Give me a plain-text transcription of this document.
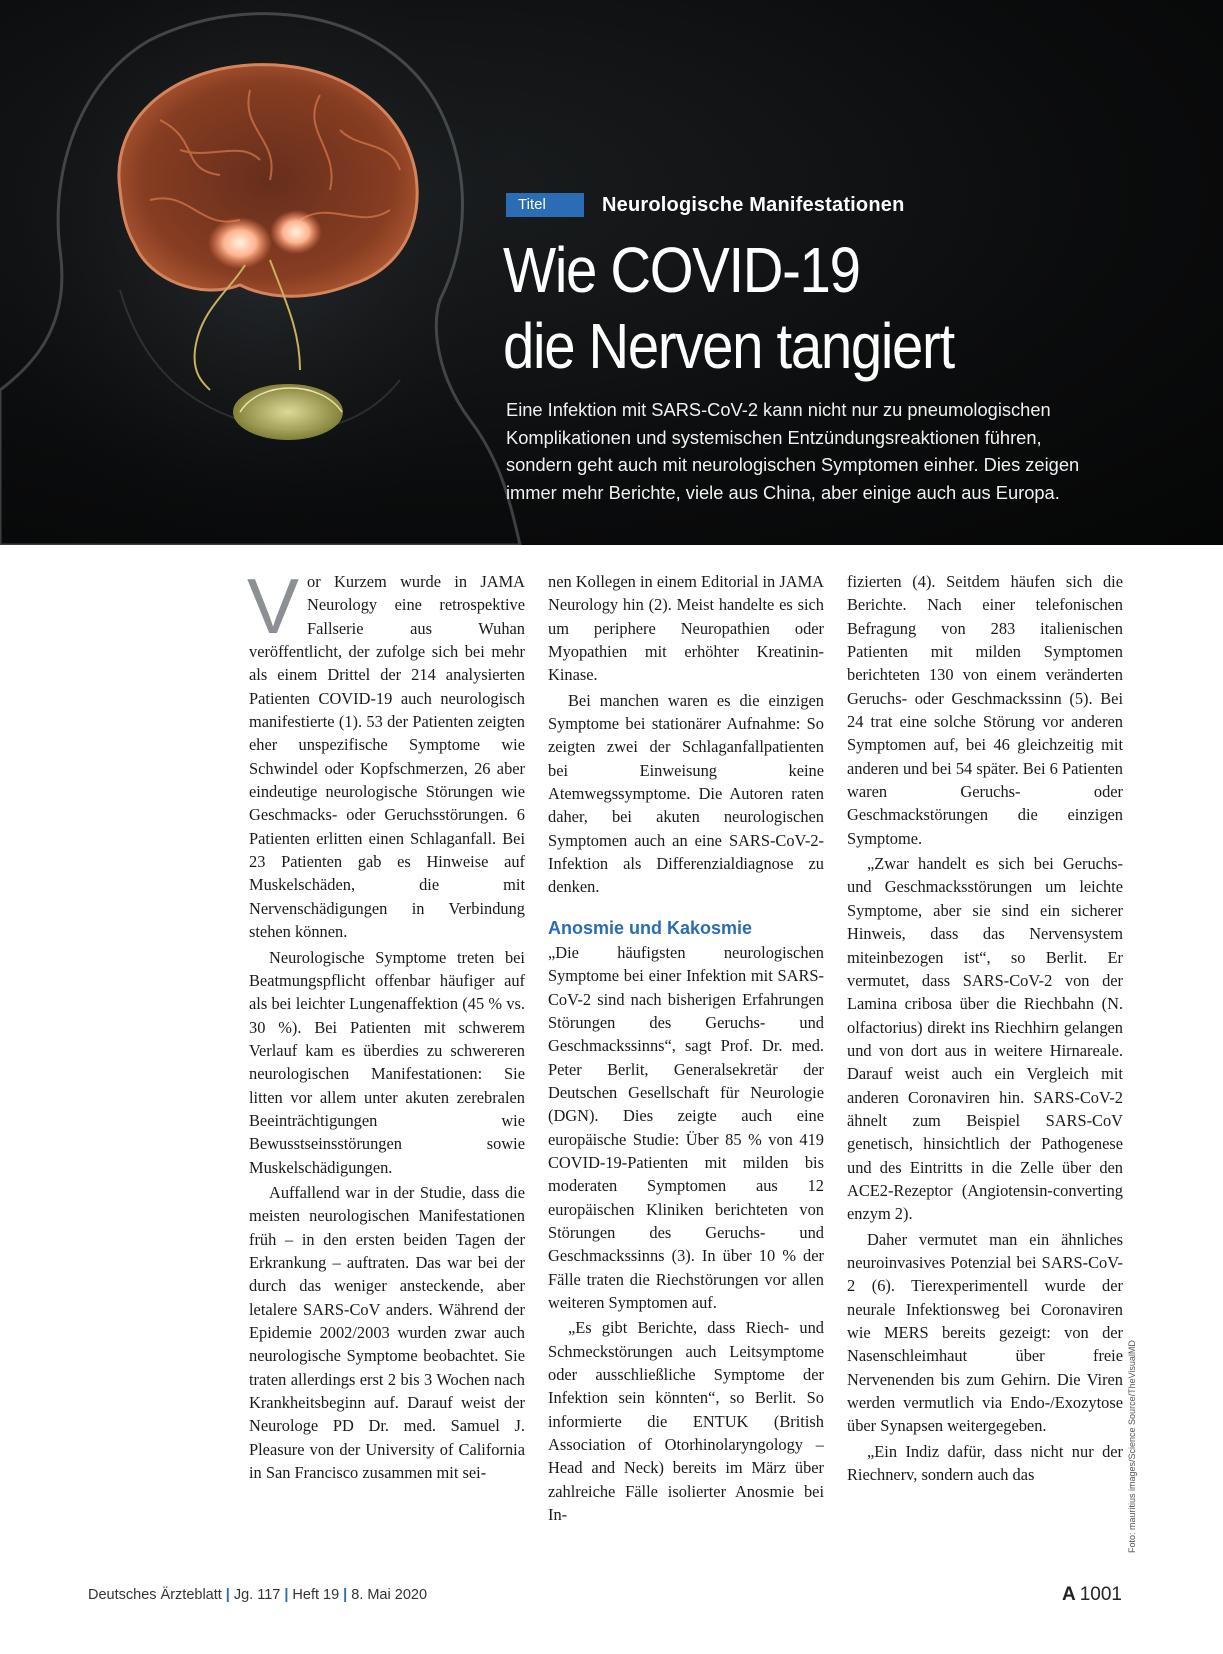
Titel	Neurologische Manifestationen
Wie COVID-19
die Nerven tangiert
Eine Infektion mit SARS-CoV-2 kann nicht nur zu pneumologischen
Komplikationen und systemischen Entzündungsreaktionen führen,
sondern geht auch mit neurologischen Symptomen einher. Dies zeigen
immer mehr Berichte, viele aus China, aber einige auch aus Europa.
V or Kurzem wurde in JAMA Neurology eine retrospektive Fallserie aus Wuhan veröffentlicht, der zufolge sich bei mehr als einem Drittel der 214 analysierten Patienten COVID-19 auch neurologisch manifestierte (1). 53 der Patienten zeigten eher unspezifische Symptome wie Schwindel oder Kopfschmerzen, 26 aber eindeutige neurologische Störungen wie Geschmacks- oder Geruchsstörungen. 6 Patienten erlitten einen Schlaganfall. Bei 23 Patienten gab es Hinweise auf Muskelschäden, die mit Nervenschädigungen in Verbindung stehen können.

Neurologische Symptome treten bei Beatmungspflicht offenbar häufiger auf als bei leichter Lungenaffektion (45 % vs. 30 %). Bei Patienten mit schwerem Verlauf kam es überdies zu schwereren neurologischen Manifestationen: Sie litten vor allem unter akuten zerebralen Beeinträchtigungen wie Bewusstseinsstörungen sowie Muskelschädigungen.

Auffallend war in der Studie, dass die meisten neurologischen Manifestationen früh – in den ersten beiden Tagen der Erkrankung – auftraten. Das war bei der durch das weniger ansteckende, aber letalere SARS-CoV anders. Während der Epidemie 2002/2003 wurden zwar auch neurologische Symptome beobachtet. Sie traten allerdings erst 2 bis 3 Wochen nach Krankheitsbeginn auf. Darauf weist der Neurologe PD Dr. med. Samuel J. Pleasure von der University of California in San Francisco zusammen mit sei-

nen Kollegen in einem Editorial in JAMA Neurology hin (2). Meist handelte es sich um periphere Neuropathien oder Myopathien mit erhöhter Kreatinin-Kinase.

Bei manchen waren es die einzigen Symptome bei stationärer Aufnahme: So zeigten zwei der Schlaganfallpatienten bei Einweisung keine Atemwegssymptome. Die Autoren raten daher, bei akuten neurologischen Symptomen auch an eine SARS-CoV-2-Infektion als Differenzialdiagnose zu denken.

Anosmie und Kakosmie

„Die häufigsten neurologischen Symptome bei einer Infektion mit SARS-CoV-2 sind nach bisherigen Erfahrungen Störungen des Geruchs- und Geschmackssinns“, sagt Prof. Dr. med. Peter Berlit, Generalsekretär der Deutschen Gesellschaft für Neurologie (DGN). Dies zeigte auch eine europäische Studie: Über 85 % von 419 COVID-19-Patienten mit milden bis moderaten Symptomen aus 12 europäischen Kliniken berichteten von Störungen des Geruchs- und Geschmackssinns (3). In über 10 % der Fälle traten die Riechstörungen vor allen weiteren Symptomen auf.

„Es gibt Berichte, dass Riech- und Schmeckstörungen auch Leitsymptome oder ausschließliche Symptome der Infektion sein könnten“, so Berlit. So informierte die ENTUK (British Association of Otorhinolaryngology – Head and Neck) bereits im März über zahlreiche Fälle isolierter Anosmie bei In-

fizierten (4). Seitdem häufen sich die Berichte. Nach einer telefonischen Befragung von 283 italienischen Patienten mit milden Symptomen berichteten 130 von einem veränderten Geruchs- oder Geschmackssinn (5). Bei 24 trat eine solche Störung vor anderen Symptomen auf, bei 46 gleichzeitig mit anderen und bei 54 später. Bei 6 Patienten waren Geruchs- oder Geschmackstörungen die einzigen Symptome.

„Zwar handelt es sich bei Geruchs- und Geschmacksstörungen um leichte Symptome, aber sie sind ein sicherer Hinweis, dass das Nervensystem miteinbezogen ist“, so Berlit. Er vermutet, dass SARS-CoV-2 von der Lamina cribosa über die Riechbahn (N. olfactorius) direkt ins Riechhirn gelangen und von dort aus in weitere Hirnareale. Darauf weist auch ein Vergleich mit anderen Coronaviren hin. SARS-CoV-2 ähnelt zum Beispiel SARS-CoV genetisch, hinsichtlich der Pathogenese und des Eintritts in die Zelle über den ACE2-Rezeptor (Angiotensin-converting enzym 2).

Daher vermutet man ein ähnliches neuroinvasives Potenzial bei SARS-CoV-2 (6). Tierexperimentell wurde der neurale Infektionsweg bei Coronaviren wie MERS bereits gezeigt: von der Nasenschleimhaut über freie Nervenenden bis zum Gehirn. Die Viren werden vermutlich via Endo-/Exozytose über Synapsen weitergegeben.

„Ein Indiz dafür, dass nicht nur der Riechnerv, sondern auch das	Foto: mauritius images/Science Source/TheVisualMD
Deutsches Ärzteblatt | Jg. 117 | Heft 19 | 8. Mai 2020	A 1001
